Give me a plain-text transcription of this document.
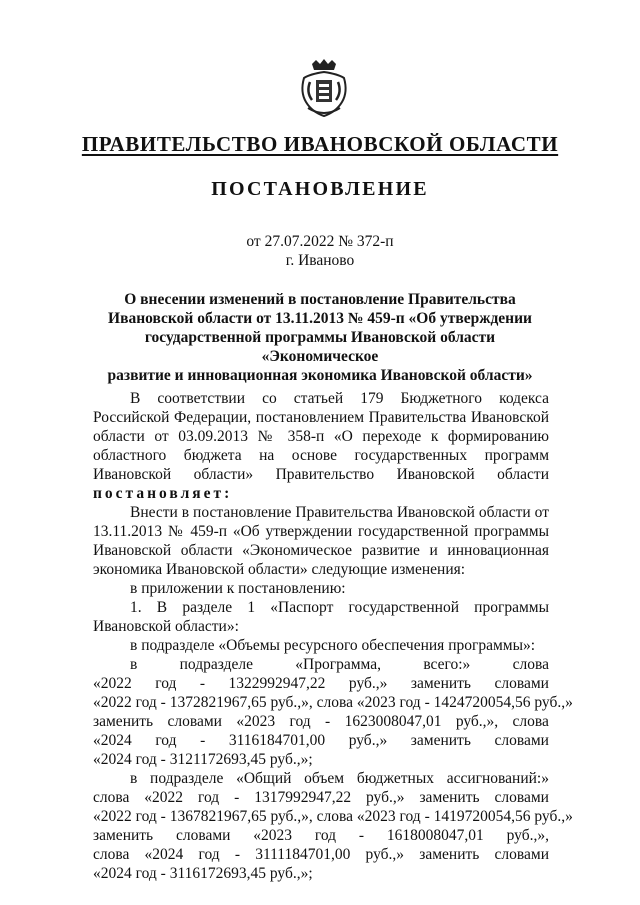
ПРАВИТЕЛЬСТВО ИВАНОВСКОЙ ОБЛАСТИ
ПОСТАНОВЛЕНИЕ
от 27.07.2022 № 372-п
г. Иваново
О внесении изменений в постановление Правительства
Ивановской области от 13.11.2013 № 459-п «Об утверждении
государственной программы Ивановской области «Экономическое
развитие и инновационная экономика Ивановской области»

В соответствии со статьей 179 Бюджетного кодекса Российской Федерации, постановлением Правительства Ивановской области от 03.09.2013 № 358-п «О переходе к формированию областного бюджета на основе государственных программ Ивановской области» Правительство Ивановской области постановляет:

Внести в постановление Правительства Ивановской области от 13.11.2013 № 459-п «Об утверждении государственной программы Ивановской области «Экономическое развитие и инновационная экономика Ивановской области» следующие изменения:

в приложении к постановлению:

1. В разделе 1 «Паспорт государственной программы Ивановской области»:

в подразделе «Объемы ресурсного обеспечения программы»:

в	подразделе	«Программа,	всего:»	слова
«2022 год - 1322992947,22 руб.,» заменить словами
«2022 год - 1372821967,65 руб.,», слова «2023 год - 1424720054,56 руб.,»
заменить словами «2023 год - 1623008047,01 руб.,», слова
«2024 год - 3116184701,00 руб.,» заменить словами
«2024 год - 3121172693,45 руб.,»;
в подразделе «Общий объем бюджетных ассигнований:»
слова «2022 год - 1317992947,22 руб.,» заменить словами
«2022 год - 1367821967,65 руб.,», слова «2023 год - 1419720054,56 руб.,»
заменить словами «2023 год - 1618008047,01 руб.,»,
слова «2024 год - 3111184701,00 руб.,» заменить словами
«2024 год - 3116172693,45 руб.,»;
